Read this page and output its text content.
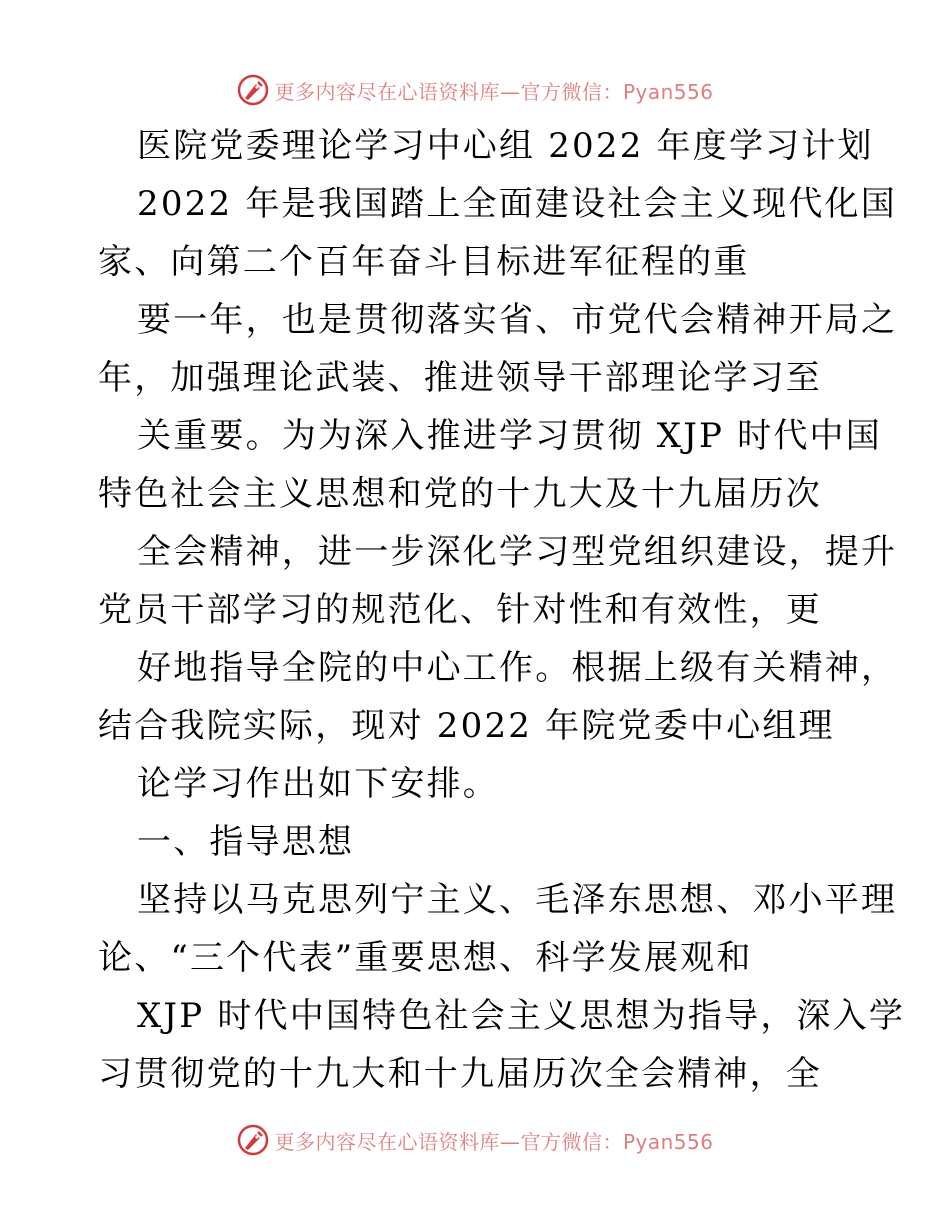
更多内容尽在心语资料库—官方微信：Pyan556
医院党委理论学习中心组 2022 年度学习计划
2022 年是我国踏上全面建设社会主义现代化国
家、向第二个百年奋斗目标进军征程的重
要一年，也是贯彻落实省、市党代会精神开局之
年，加强理论武装、推进领导干部理论学习至
关重要。为为深入推进学习贯彻 XJP 时代中国
特色社会主义思想和党的十九大及十九届历次
全会精神，进一步深化学习型党组织建设，提升
党员干部学习的规范化、针对性和有效性，更
好地指导全院的中心工作。根据上级有关精神，
结合我院实际，现对 2022 年院党委中心组理
论学习作出如下安排。
一、指导思想
坚持以马克思列宁主义、毛泽东思想、邓小平理
论、“三个代表”重要思想、科学发展观和
XJP 时代中国特色社会主义思想为指导，深入学
习贯彻党的十九大和十九届历次全会精神，全
更多内容尽在心语资料库—官方微信：Pyan556
